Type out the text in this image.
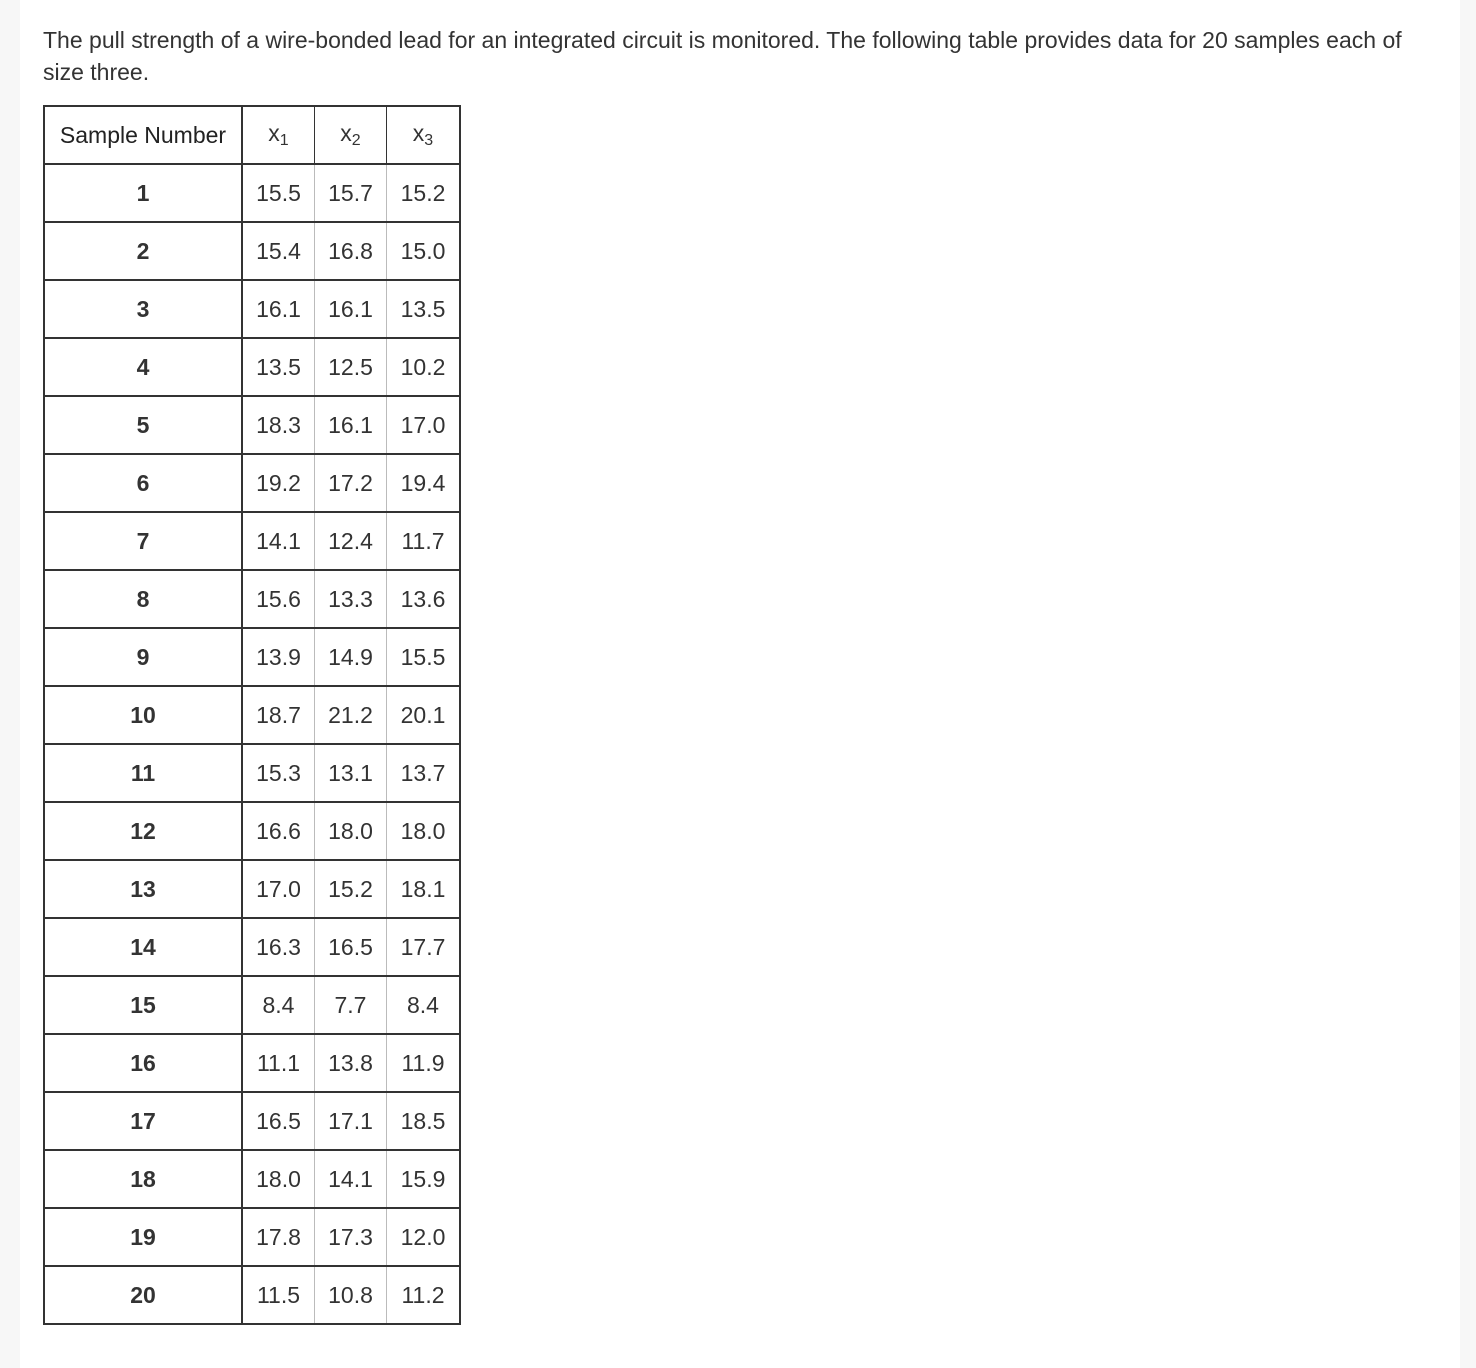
The pull strength of a wire-bonded lead for an integrated circuit is monitored. The following table provides data for 20 samples each of size three.

Sample Number	$x_1$	$x_2$	$x_3$
1	15.5	15.7	15.2
2	15.4	16.8	15.0
3	16.1	16.1	13.5
4	13.5	12.5	10.2
5	18.3	16.1	17.0
6	19.2	17.2	19.4
7	14.1	12.4	11.7
8	15.6	13.3	13.6
9	13.9	14.9	15.5
10	18.7	21.2	20.1
11	15.3	13.1	13.7
12	16.6	18.0	18.0
13	17.0	15.2	18.1
14	16.3	16.5	17.7
15	8.4	7.7	8.4
16	11.1	13.8	11.9
17	16.5	17.1	18.5
18	18.0	14.1	15.9
19	17.8	17.3	12.0
20	11.5	10.8	11.2
